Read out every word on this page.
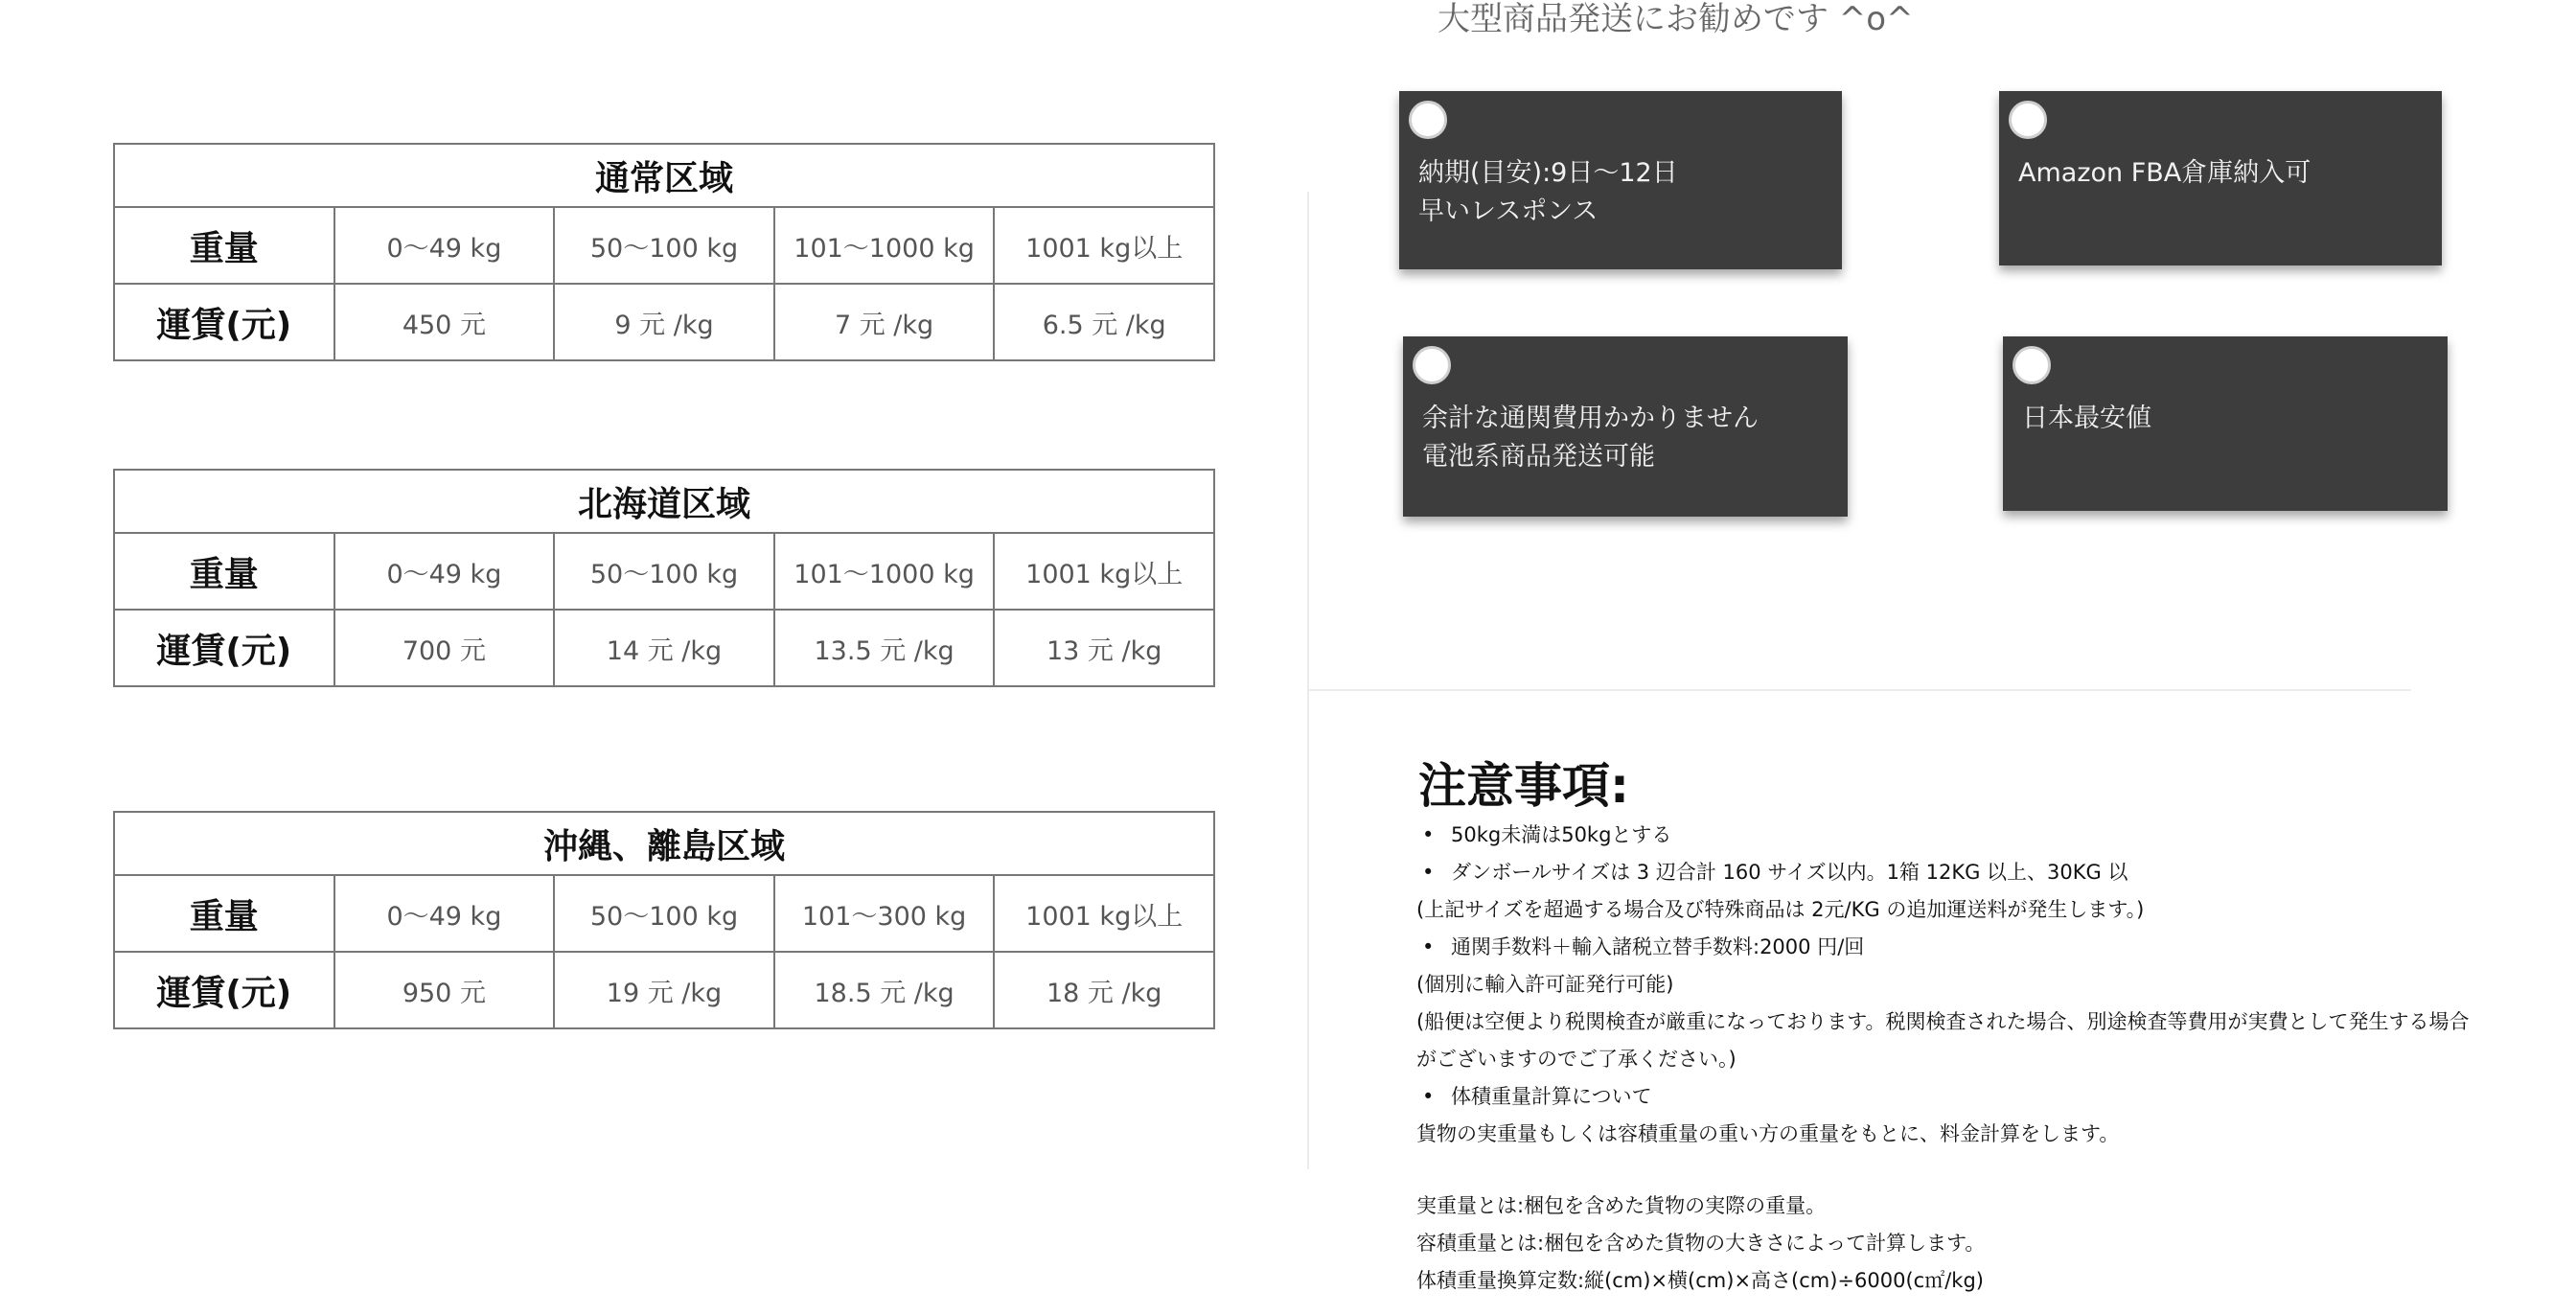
大型商品発送にお勧めです ^o^
通常区域				
重量	0～49 kg	50～100 kg	101～1000 kg	1001 kg以上
運賃(元)	450 元	9 元 /kg	7 元 /kg	6.5 元 /kg
北海道区域				
重量	0～49 kg	50～100 kg	101～1000 kg	1001 kg以上
運賃(元)	700 元	14 元 /kg	13.5 元 /kg	13 元 /kg
沖縄、離島区域				
重量	0～49 kg	50～100 kg	101～300 kg	1001 kg以上
運賃(元)	950 元	19 元 /kg	18.5 元 /kg	18 元 /kg
納期(目安):9日～12日
早いレスポンス
Amazon FBA倉庫納入可
余計な通関費用かかりません
電池系商品発送可能
日本最安値
注意事項:
• 50kg未満は50kgとする
• ダンボールサイズは 3 辺合計 160 サイズ以内。1箱 12KG 以上、30KG 以
(上記サイズを超過する場合及び特殊商品は 2元/KG の追加運送料が発生します。)
• 通関手数料＋輸入諸税立替手数料:2000 円/回
(個別に輸入許可証発行可能)
(船便は空便より税関検査が厳重になっております。税関検査された場合、別途検査等費用が実費として発生する場合
がございますのでご了承ください。)
• 体積重量計算について
貨物の実重量もしくは容積重量の重い方の重量をもとに、料金計算をします。
実重量とは:梱包を含めた貨物の実際の重量。
容積重量とは:梱包を含めた貨物の大きさによって計算します。
体積重量換算定数:縦(cm)×横(cm)×高さ(cm)÷6000(c㎡/kg)
